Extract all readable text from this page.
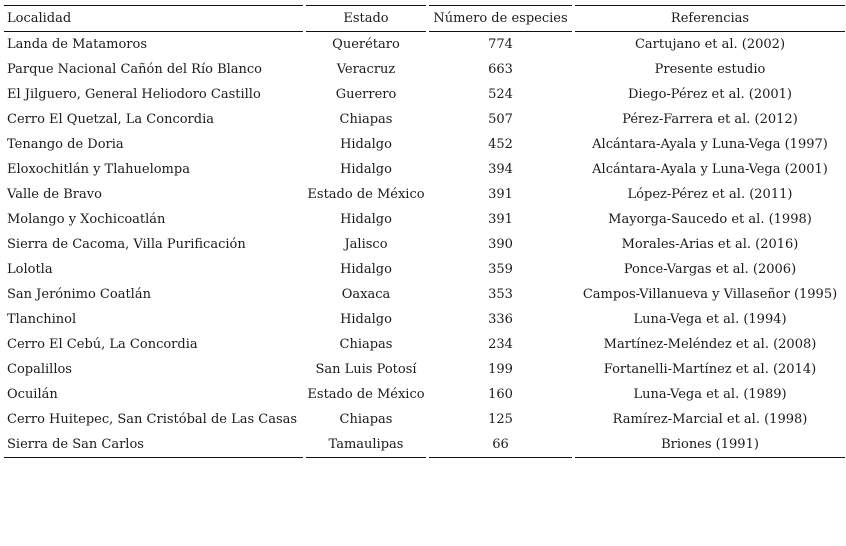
Localidad		Estado		Número de especies		Referencias
Landa de Matamoros		Querétaro		774		Cartujano et al. (2002)
Parque Nacional Cañón del Río Blanco		Veracruz		663		Presente estudio
El Jilguero, General Heliodoro Castillo		Guerrero		524		Diego-Pérez et al. (2001)
Cerro El Quetzal, La Concordia		Chiapas		507		Pérez-Farrera et al. (2012)
Tenango de Doria		Hidalgo		452		Alcántara-Ayala y Luna-Vega (1997)
Eloxochitlán y Tlahuelompa		Hidalgo		394		Alcántara-Ayala y Luna-Vega (2001)
Valle de Bravo		Estado de México		391		López-Pérez et al. (2011)
Molango y Xochicoatlán		Hidalgo		391		Mayorga-Saucedo et al. (1998)
Sierra de Cacoma, Villa Purificación		Jalisco		390		Morales-Arias et al. (2016)
Lolotla		Hidalgo		359		Ponce-Vargas et al. (2006)
San Jerónimo Coatlán		Oaxaca		353		Campos-Villanueva y Villaseñor (1995)
Tlanchinol		Hidalgo		336		Luna-Vega et al. (1994)
Cerro El Cebú, La Concordia		Chiapas		234		Martínez-Meléndez et al. (2008)
Copalillos		San Luis Potosí		199		Fortanelli-Martínez et al. (2014)
Ocuilán		Estado de México		160		Luna-Vega et al. (1989)
Cerro Huitepec, San Cristóbal de Las Casas		Chiapas		125		Ramírez-Marcial et al. (1998)
Sierra de San Carlos		Tamaulipas		66		Briones (1991)
